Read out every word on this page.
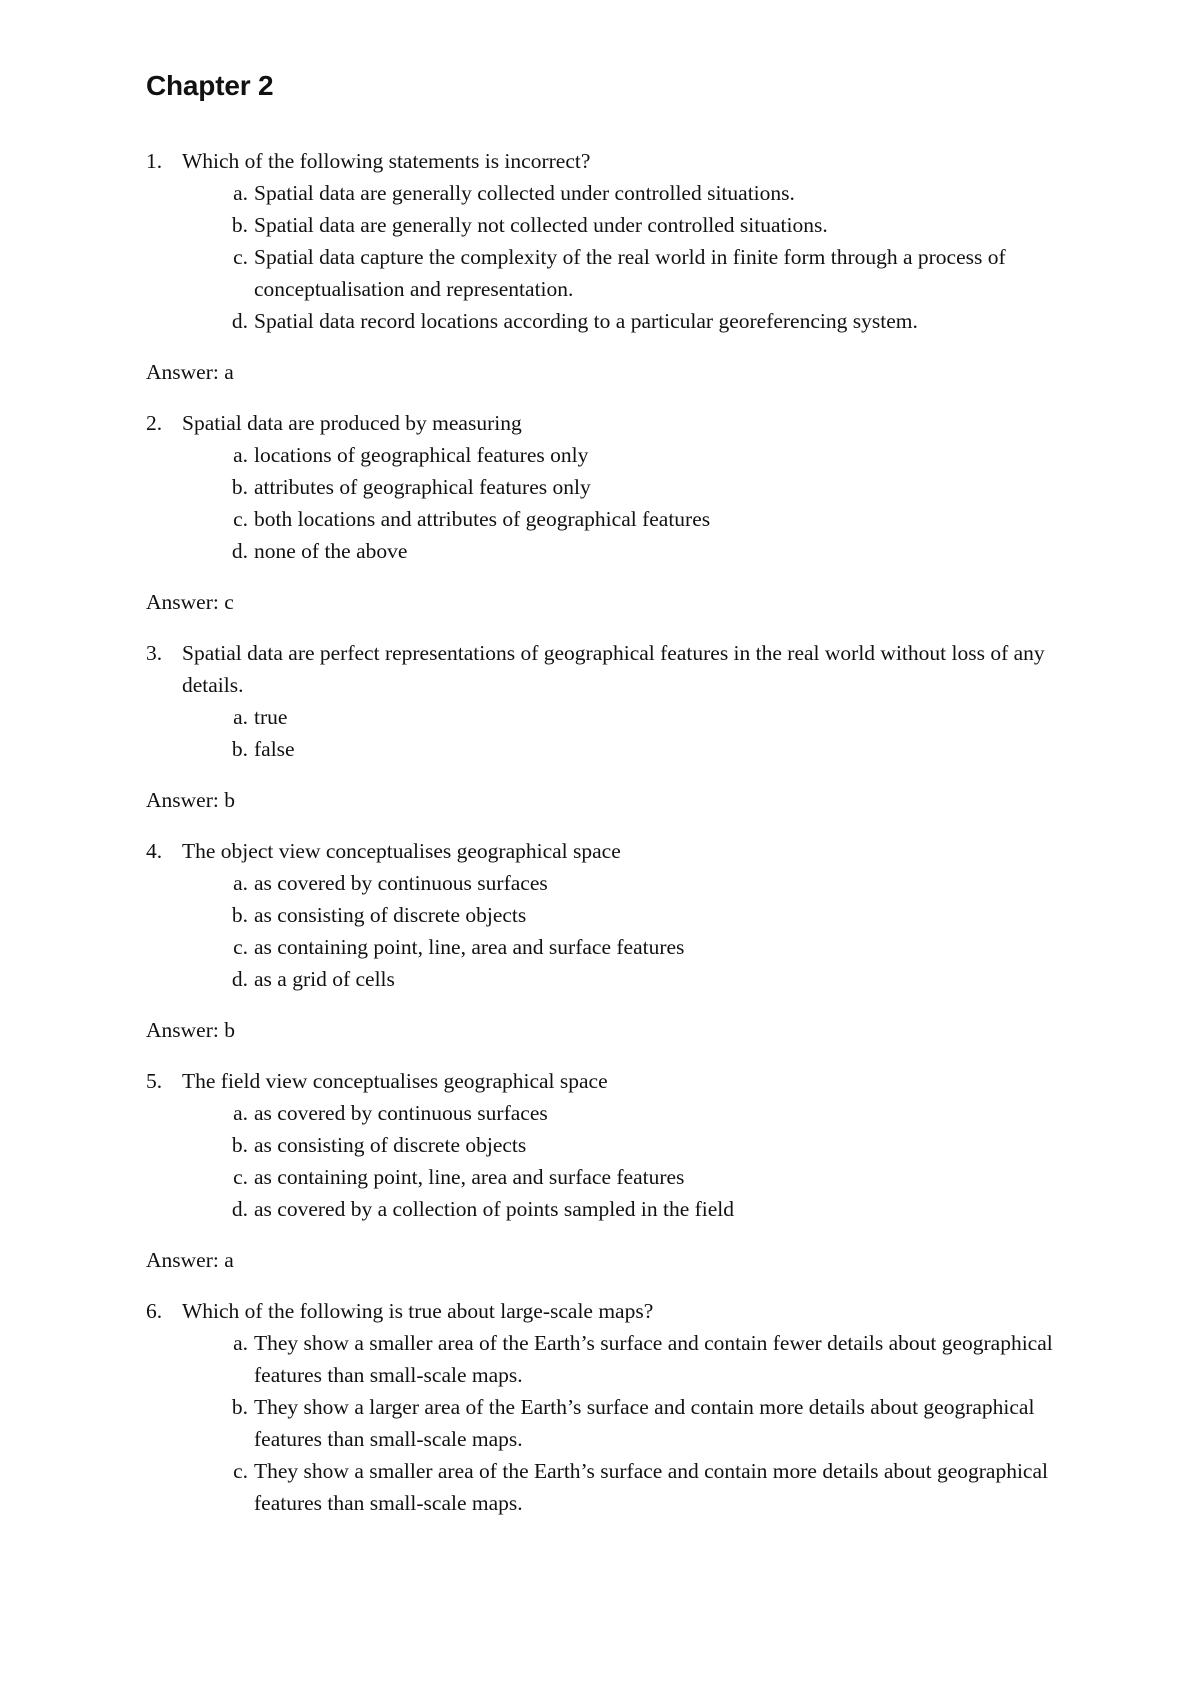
Chapter 2
1. Which of the following statements is incorrect?
a. Spatial data are generally collected under controlled situations.
b. Spatial data are generally not collected under controlled situations.
c. Spatial data capture the complexity of the real world in finite form through a process of conceptualisation and representation.
d. Spatial data record locations according to a particular georeferencing system.
Answer: a
2. Spatial data are produced by measuring
a. locations of geographical features only
b. attributes of geographical features only
c. both locations and attributes of geographical features
d. none of the above
Answer: c
3. Spatial data are perfect representations of geographical features in the real world without loss of any details.
a. true
b. false
Answer: b
4. The object view conceptualises geographical space
a. as covered by continuous surfaces
b. as consisting of discrete objects
c. as containing point, line, area and surface features
d. as a grid of cells
Answer: b
5. The field view conceptualises geographical space
a. as covered by continuous surfaces
b. as consisting of discrete objects
c. as containing point, line, area and surface features
d. as covered by a collection of points sampled in the field
Answer: a
6. Which of the following is true about large-scale maps?
a. They show a smaller area of the Earth’s surface and contain fewer details about geographical features than small-scale maps.
b. They show a larger area of the Earth’s surface and contain more details about geographical features than small-scale maps.
c. They show a smaller area of the Earth’s surface and contain more details about geographical features than small-scale maps.
